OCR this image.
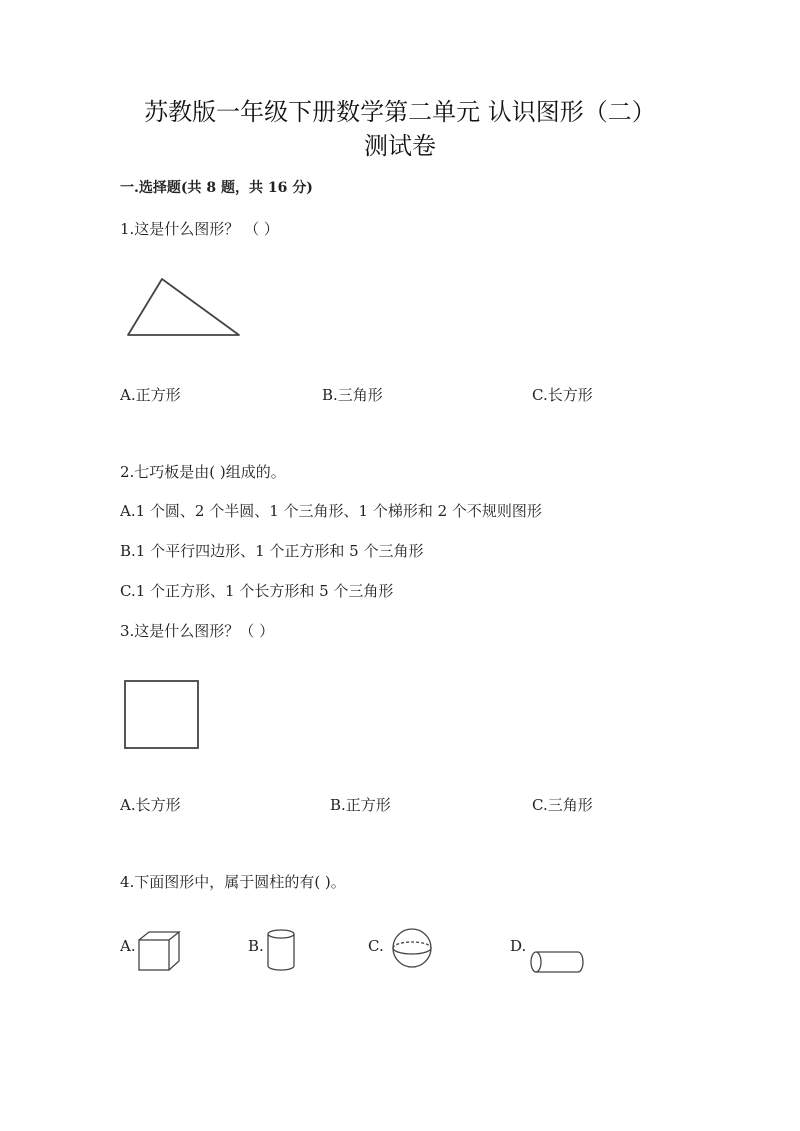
苏教版一年级下册数学第二单元 认识图形（二）
测试卷
一.选择题(共 8 题，共 16 分)
1.这是什么图形？ （ ）
A.正方形	B.三角形	C.长方形
2.七巧板是由( )组成的。
A.1 个圆、2 个半圆、1 个三角形、1 个梯形和 2 个不规则图形
B.1 个平行四边形、1 个正方形和 5 个三角形
C.1 个正方形、1 个长方形和 5 个三角形
3.这是什么图形？（ ）
A.长方形	B.正方形	C.三角形
4.下面图形中，属于圆柱的有( )。
A.	B.	C.	D.
